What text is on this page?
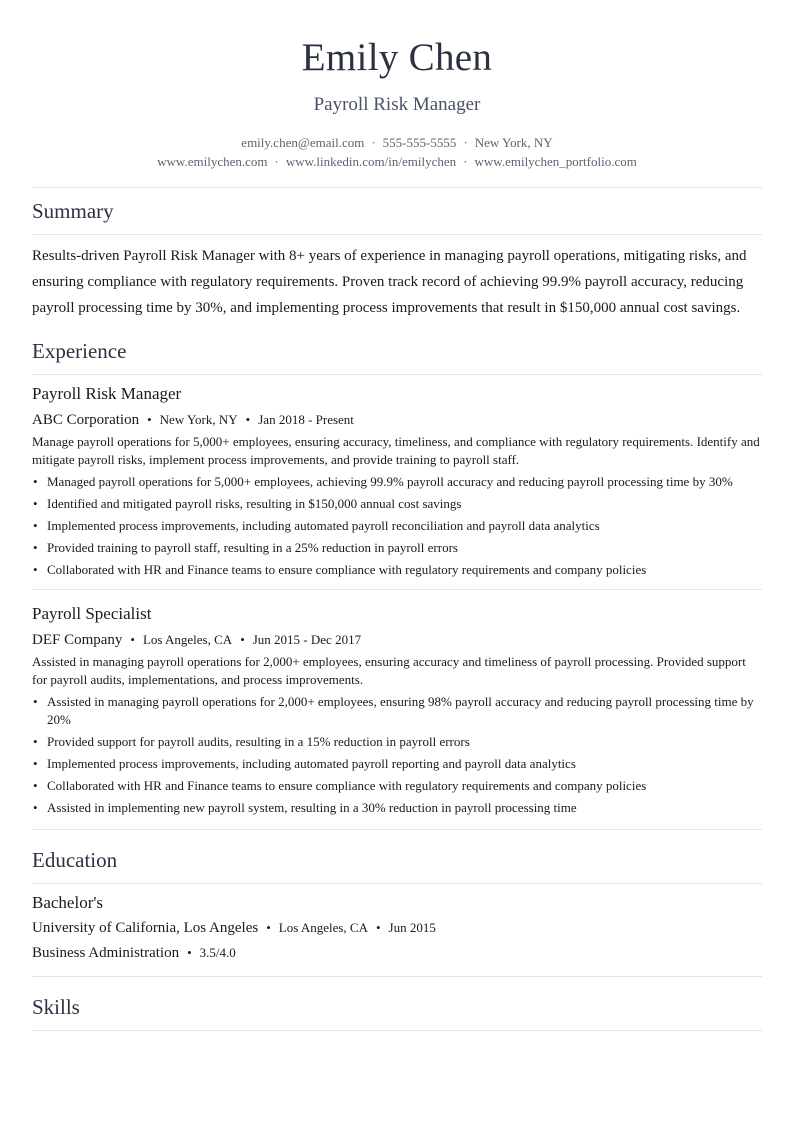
Emily Chen
Payroll Risk Manager
emily.chen@email.com · 555-555-5555 · New York, NY
www.emilychen.com · www.linkedin.com/in/emilychen · www.emilychen_portfolio.com
Summary

Results-driven Payroll Risk Manager with 8+ years of experience in managing payroll operations, mitigating risks, and ensuring compliance with regulatory requirements. Proven track record of achieving 99.9% payroll accuracy, reducing payroll processing time by 30%, and implementing process improvements that result in $150,000 annual cost savings.

Experience
Payroll Risk Manager
ABC Corporation • New York, NY • Jan 2018 - Present

Manage payroll operations for 5,000+ employees, ensuring accuracy, timeliness, and compliance with regulatory requirements. Identify and mitigate payroll risks, implement process improvements, and provide training to payroll staff.

• Managed payroll operations for 5,000+ employees, achieving 99.9% payroll accuracy and reducing payroll processing time by 30%
• Identified and mitigated payroll risks, resulting in $150,000 annual cost savings
• Implemented process improvements, including automated payroll reconciliation and payroll data analytics
• Provided training to payroll staff, resulting in a 25% reduction in payroll errors
• Collaborated with HR and Finance teams to ensure compliance with regulatory requirements and company policies
Payroll Specialist
DEF Company • Los Angeles, CA • Jun 2015 - Dec 2017

Assisted in managing payroll operations for 2,000+ employees, ensuring accuracy and timeliness of payroll processing. Provided support for payroll audits, implementations, and process improvements.

• Assisted in managing payroll operations for 2,000+ employees, ensuring 98% payroll accuracy and reducing payroll processing time by 20%
• Provided support for payroll audits, resulting in a 15% reduction in payroll errors
• Implemented process improvements, including automated payroll reporting and payroll data analytics
• Collaborated with HR and Finance teams to ensure compliance with regulatory requirements and company policies
• Assisted in implementing new payroll system, resulting in a 30% reduction in payroll processing time
Education
Bachelor's
University of California, Los Angeles • Los Angeles, CA • Jun 2015
Business Administration • 3.5/4.0
Skills
